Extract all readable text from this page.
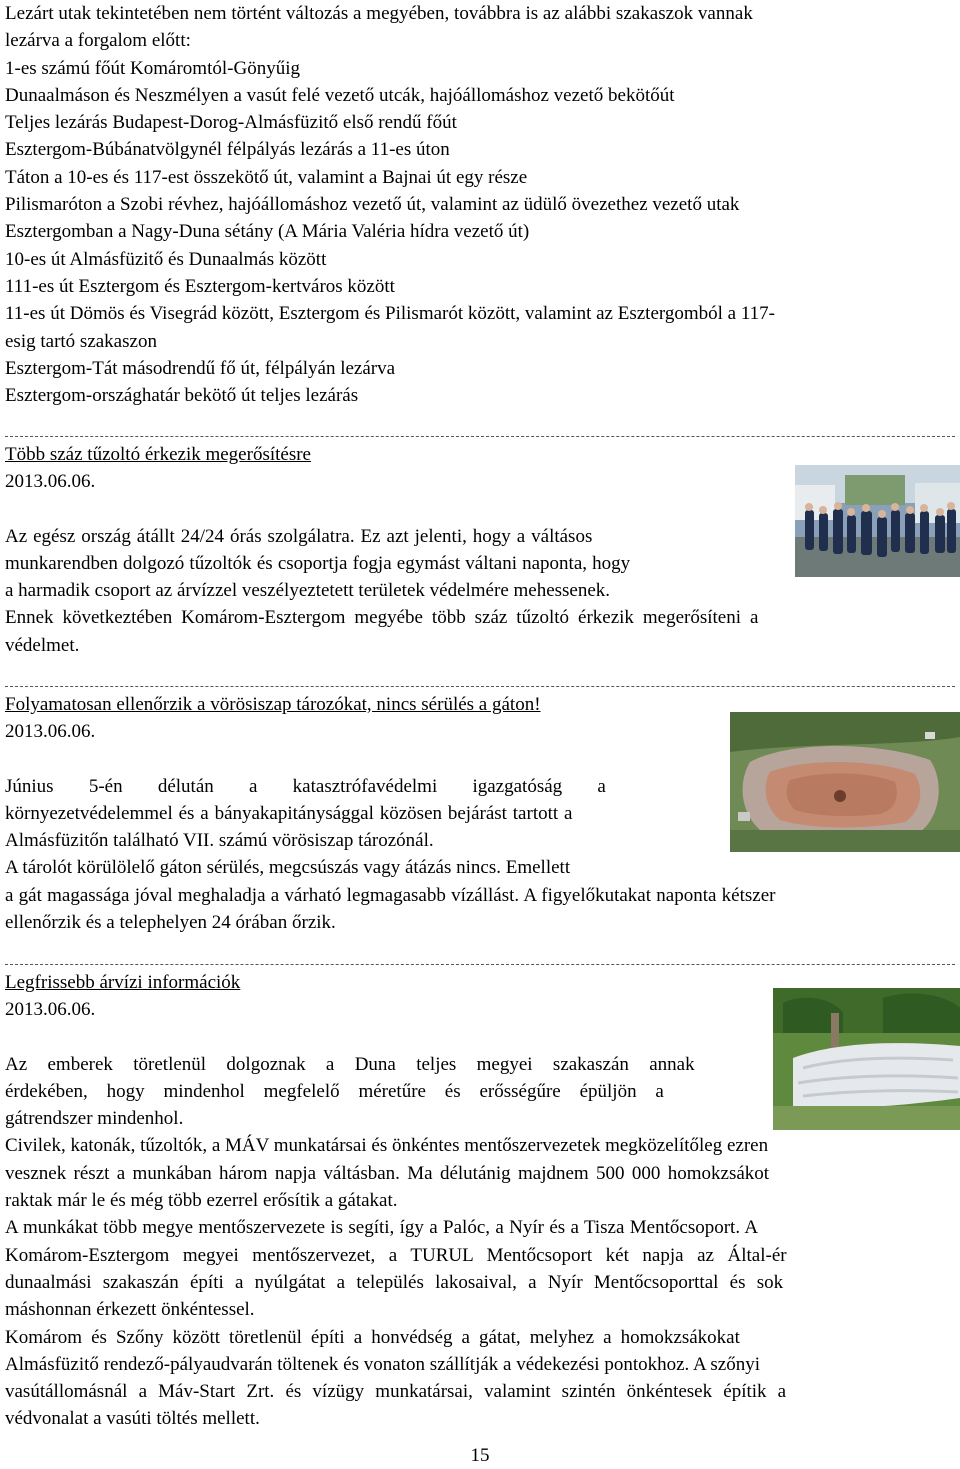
Lezárt utak tekintetében nem történt változás a megyében, továbbra is az alábbi szakaszok vannak
lezárva a forgalom előtt:
1-es számú főút Komáromtól-Gönyűig
Dunaalmáson és Neszmélyen a vasút felé vezető utcák, hajóállomáshoz vezető bekötőút
Teljes lezárás Budapest-Dorog-Almásfüzitő első rendű főút
Esztergom-Búbánatvölgynél félpályás lezárás a 11-es úton
Táton a 10-es és 117-est összekötő út, valamint a Bajnai út egy része
Pilismaróton a Szobi révhez, hajóállomáshoz vezető út, valamint az üdülő övezethez vezető utak
Esztergomban a Nagy-Duna sétány (A Mária Valéria hídra vezető út)
10-es út Almásfüzitő és Dunaalmás között
111-es út Esztergom és Esztergom-kertváros között
11-es út Dömös és Visegrád között, Esztergom és Pilismarót között, valamint az Esztergomból a 117-
esig tartó szakaszon
Esztergom-Tát másodrendű fő út, félpályán lezárva
Esztergom-országhatár bekötő út teljes lezárás
Több száz tűzoltó érkezik megerősítésre
2013.06.06.
Az egész ország átállt 24/24 órás szolgálatra. Ez azt jelenti, hogy a váltásos
munkarendben dolgozó tűzoltók és csoportja fogja egymást váltani naponta, hogy
a harmadik csoport az árvízzel veszélyeztetett területek védelmére mehessenek.
Ennek következtében Komárom-Esztergom megyébe több száz tűzoltó érkezik megerősíteni a
védelmet.
Folyamatosan ellenőrzik a vörösiszap tározókat, nincs sérülés a gáton!
2013.06.06.
Június 5-én délután a katasztrófavédelmi igazgatóság a
környezetvédelemmel és a bányakapitánysággal közösen bejárást tartott a
Almásfüzitőn található VII. számú vörösiszap tározónál.
A tárolót körülölelő gáton sérülés, megcsúszás vagy átázás nincs. Emellett
a gát magassága jóval meghaladja a várható legmagasabb vízállást. A figyelőkutakat naponta kétszer
ellenőrzik és a telephelyen 24 órában őrzik.
Legfrissebb árvízi információk
2013.06.06.
Az emberek töretlenül dolgoznak a Duna teljes megyei szakaszán annak
érdekében, hogy mindenhol megfelelő méretűre és erősségűre épüljön a
gátrendszer mindenhol.
Civilek, katonák, tűzoltók, a MÁV munkatársai és önkéntes mentőszervezetek megközelítőleg ezren
vesznek részt a munkában három napja váltásban. Ma délutánig majdnem 500 000 homokzsákot
raktak már le és még több ezerrel erősítik a gátakat.
A munkákat több megye mentőszervezete is segíti, így a Palóc, a Nyír és a Tisza Mentőcsoport. A
Komárom-Esztergom megyei mentőszervezet, a TURUL Mentőcsoport két napja az Által-ér
dunaalmási szakaszán építi a nyúlgátat a település lakosaival, a Nyír Mentőcsoporttal és sok
máshonnan érkezett önkéntessel.
Komárom és Szőny között töretlenül építi a honvédség a gátat, melyhez a homokzsákokat
Almásfüzitő rendező-pályaudvarán töltenek és vonaton szállítják a védekezési pontokhoz. A szőnyi
vasútállomásnál a Máv-Start Zrt. és vízügy munkatársai, valamint szintén önkéntesek építik a
védvonalat a vasúti töltés mellett.
15
